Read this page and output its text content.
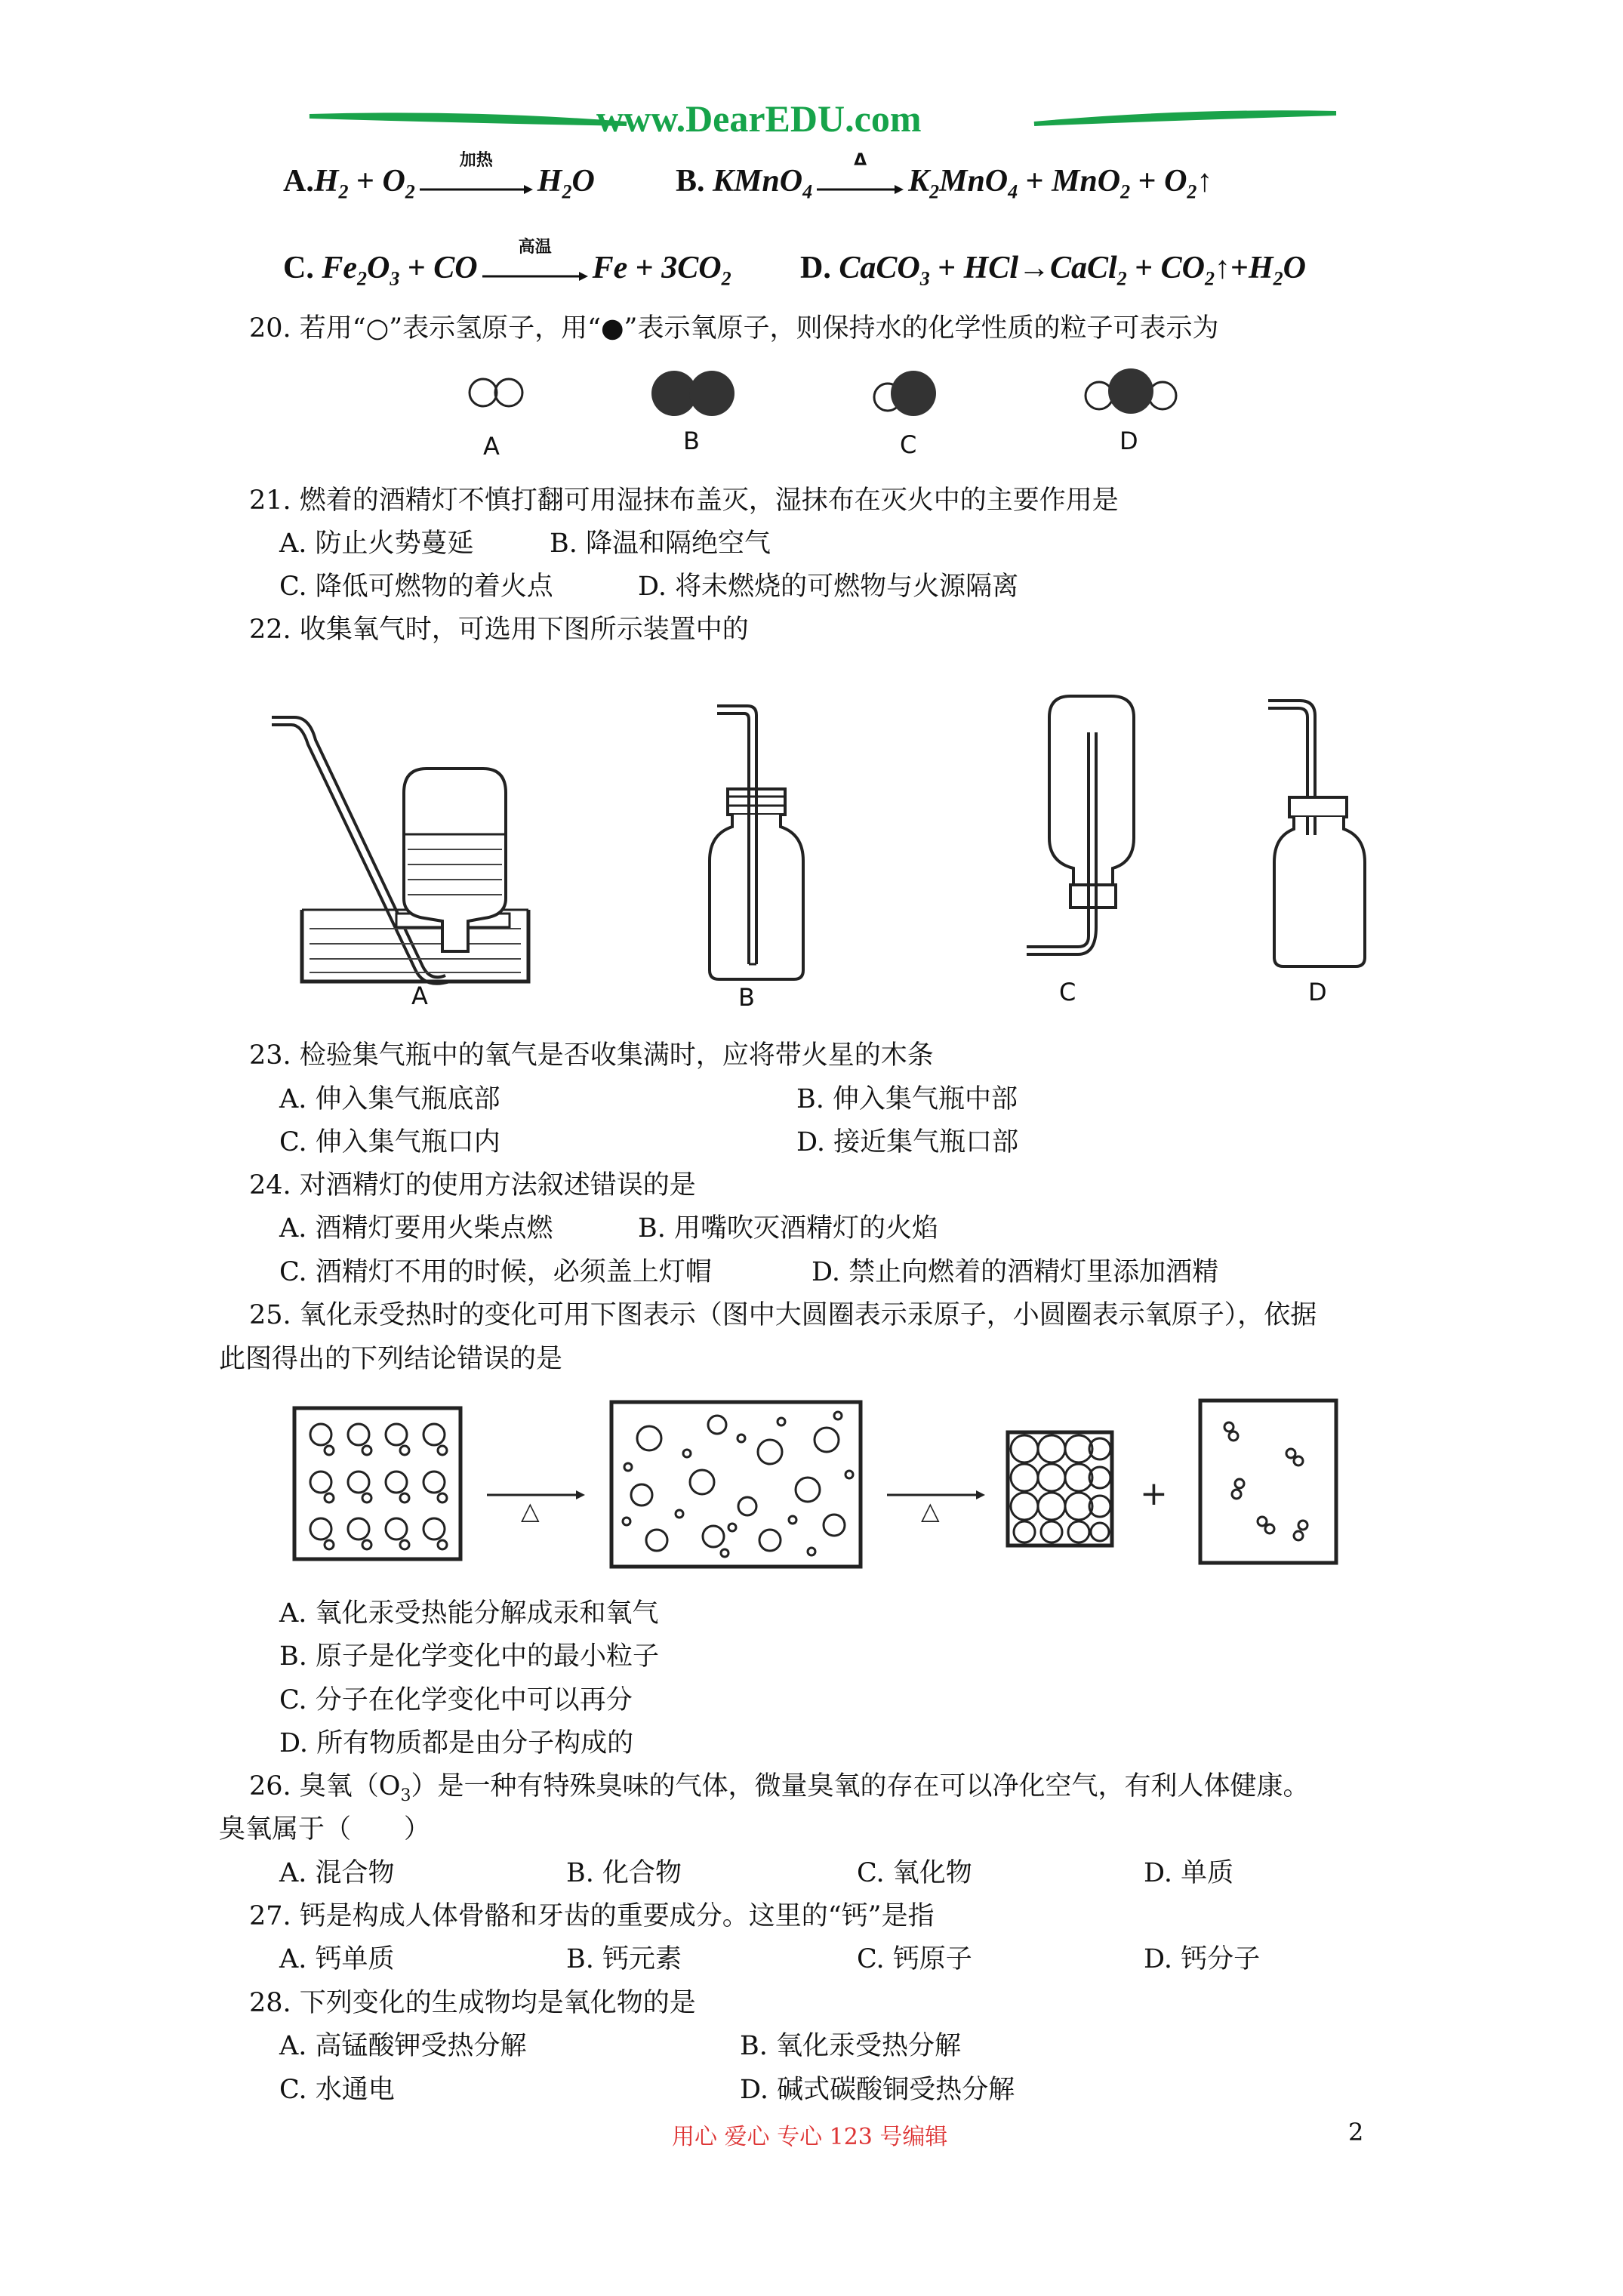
www.DearEDU.com
$A.H_2 + O_2$
加热
$H_2O$	B. KMnO$_4$
Δ
$K_2MnO_4 + MnO_2$ + $O_2↑$
C. $Fe_2O_3$ + CO
高温
$Fe + 3CO_2$ D. CaCO$_3$ + HCl→CaCl$_2$ + $CO_2↑+H_2O$
20. 若用“○”表示氢原子，用“●”表示氧原子，则保持水的化学性质的粒子可表示为
A	B	C	D
21. 燃着的酒精灯不慎打翻可用湿抹布盖灭，湿抹布在灭火中的主要作用是
A. 防止火势蔓延	B. 降温和隔绝空气
C. 降低可燃物的着火点	D. 将未燃烧的可燃物与火源隔离
22. 收集氧气时，可选用下图所示装置中的
A	B	C	D
23. 检验集气瓶中的氧气是否收集满时，应将带火星的木条
A. 伸入集气瓶底部	B. 伸入集气瓶中部
C. 伸入集气瓶口内	D. 接近集气瓶口部
24. 对酒精灯的使用方法叙述错误的是
A. 酒精灯要用火柴点燃	B. 用嘴吹灭酒精灯的火焰
C. 酒精灯不用的时候，必须盖上灯帽	D. 禁止向燃着的酒精灯里添加酒精
25. 氧化汞受热时的变化可用下图表示（图中大圆圈表示汞原子，小圆圈表示氧原子），依据
此图得出的下列结论错误的是
△	△	+
A. 氧化汞受热能分解成汞和氧气
B. 原子是化学变化中的最小粒子
C. 分子在化学变化中可以再分
D. 所有物质都是由分子构成的
26. 臭氧$(O_3)$是一种有特殊臭味的气体，微量臭氧的存在可以净化空气，有利人体健康。
臭氧属于（　　）
A. 混合物	B. 化合物	C. 氧化物	D. 单质
27. 钙是构成人体骨骼和牙齿的重要成分。这里的“钙”是指
A. 钙单质	B. 钙元素	C. 钙原子	D. 钙分子
28. 下列变化的生成物均是氧化物的是
A. 高锰酸钾受热分解	B. 氧化汞受热分解
C. 水通电	D. 碱式碳酸铜受热分解
用心 爱心 专心 123 号编辑	2
